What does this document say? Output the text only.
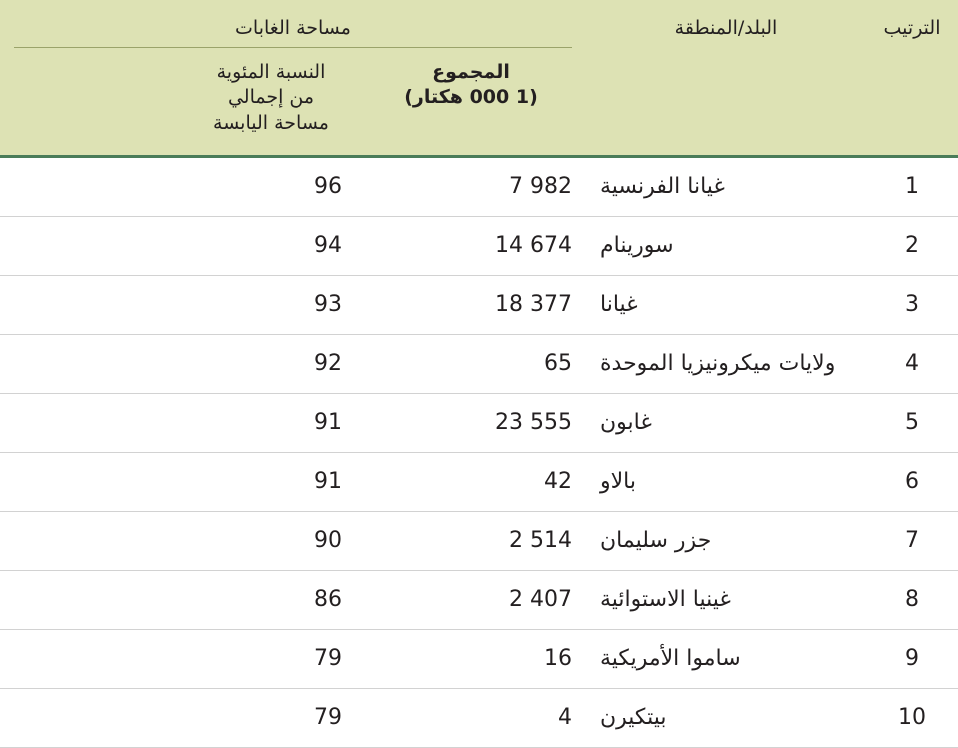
الترتيب	البلد/المنطقة	مساحة الغابات		

المجموع
(1 000 هكتار)

النسبة المئوية
من إجمالي
مساحة اليابسة

1	غيانا الفرنسية	7 982	96	
2	سورينام	14 674	94	
3	غيانا	18 377	93	
4	ولايات ميكرونيزيا الموحدة	65	92	
5	غابون	23 555	91	
6	بالاو	42	91	
7	جزر سليمان	2 514	90	
8	غينيا الاستوائية	2 407	86	
9	ساموا الأمريكية	16	79	
10	بيتكيرن	4	79	
